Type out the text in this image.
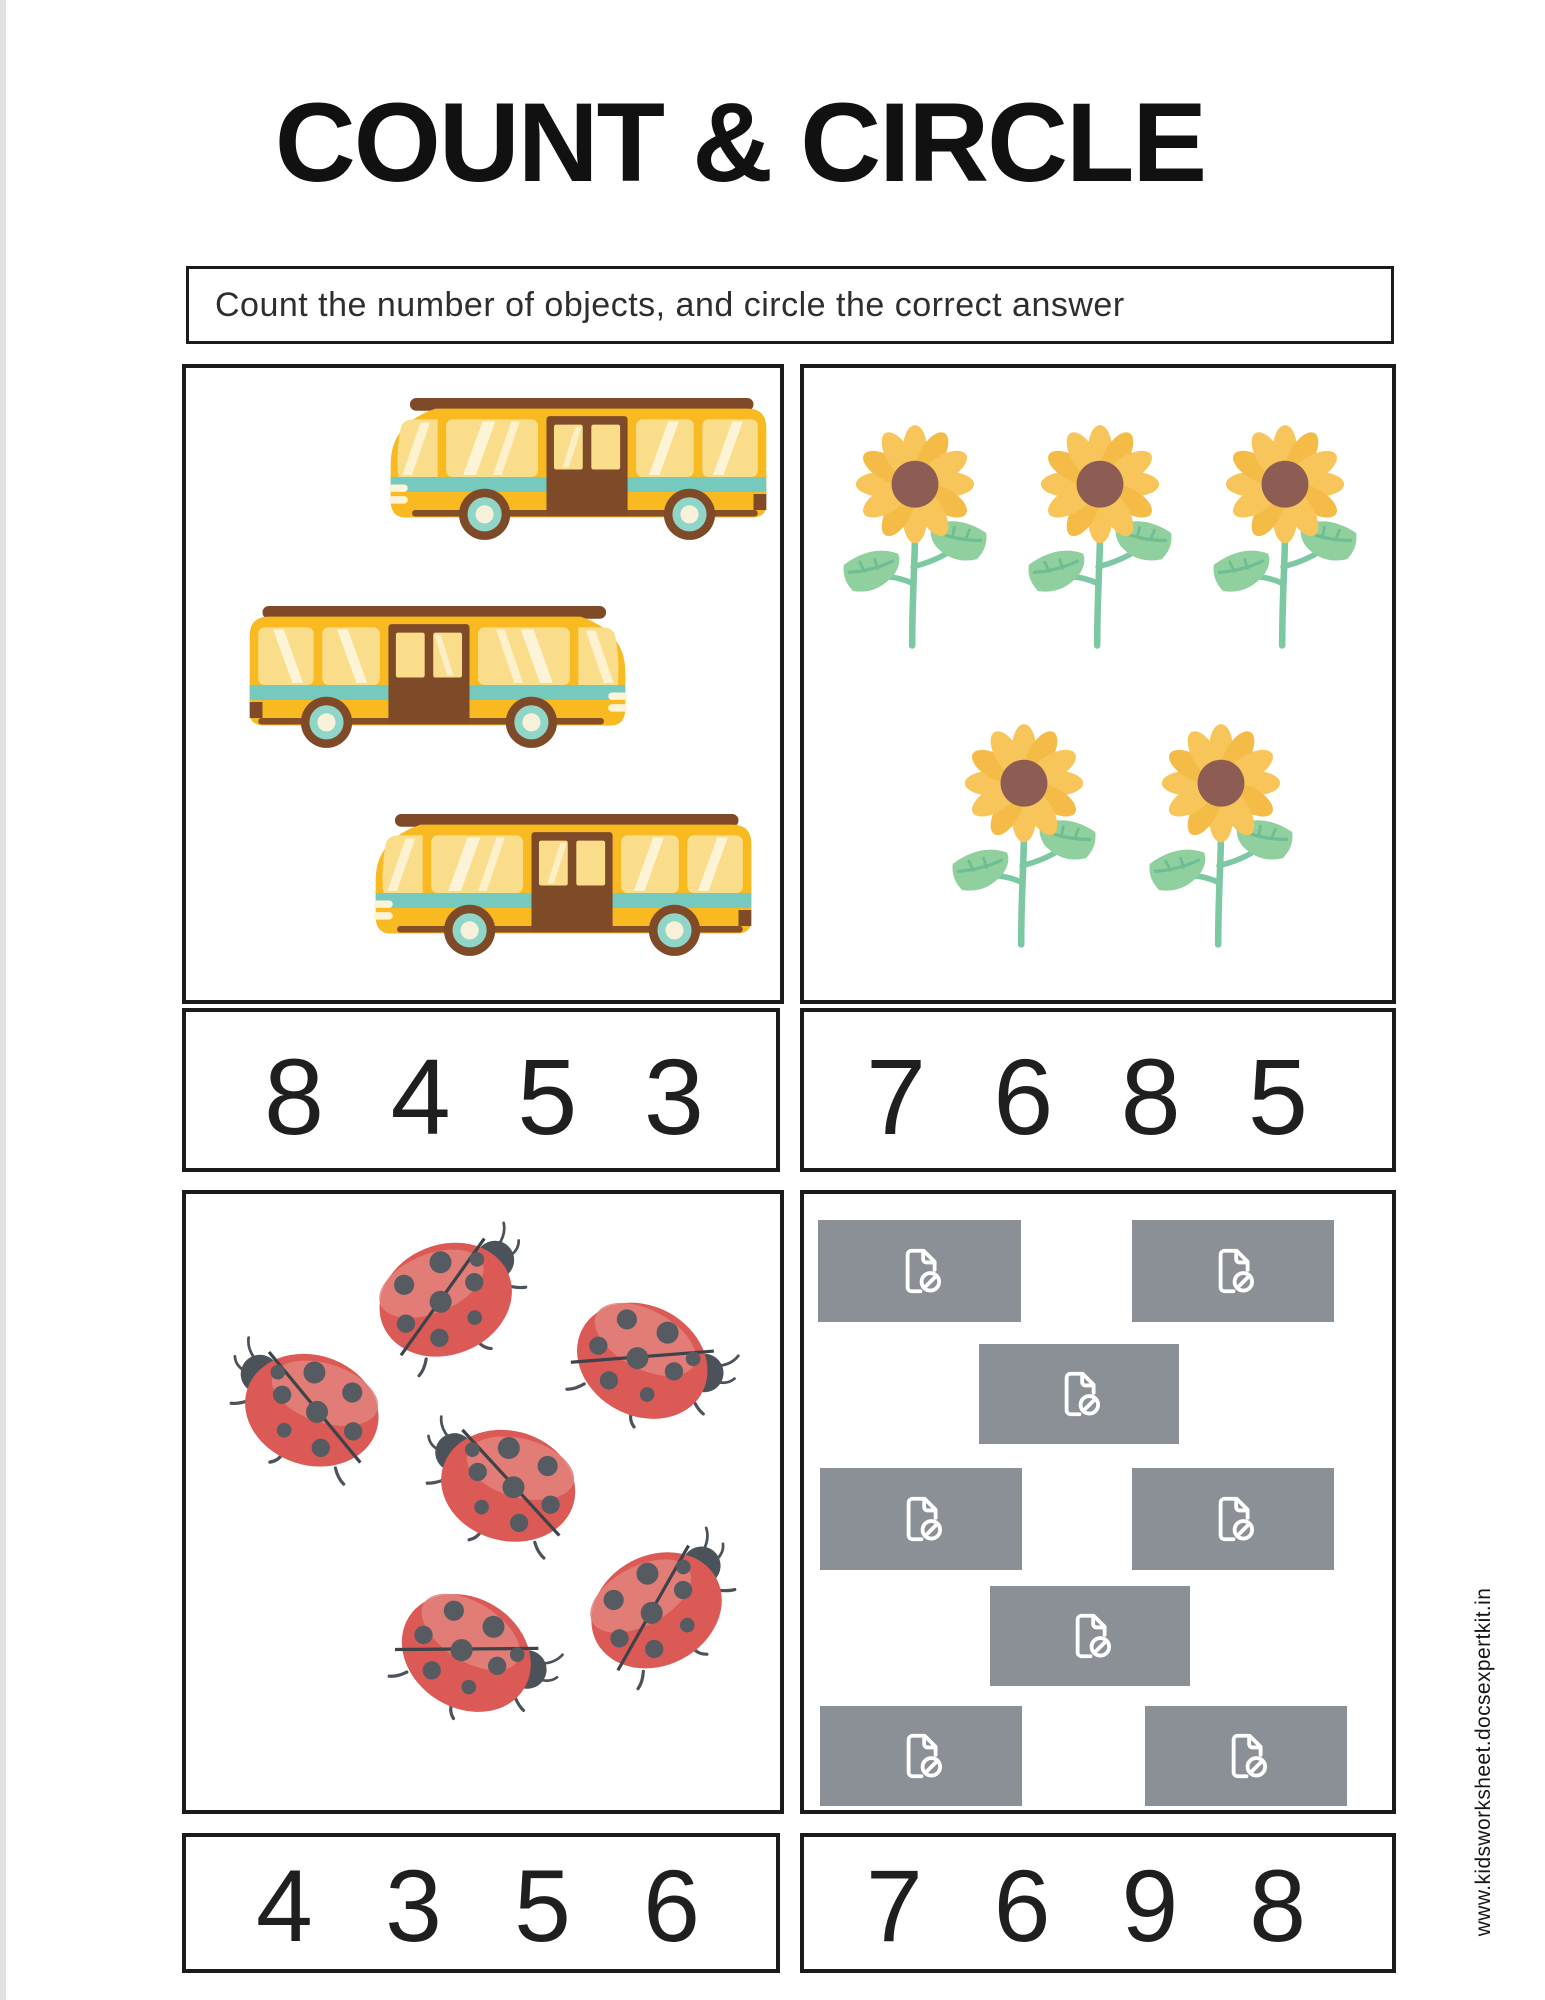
COUNT & CIRCLE
Count the number of objects, and circle the correct answer
8 4 5 3 7 6 8 5
4 3 5 6 7 6 9 8	www.kidsworksheet.docsexpertkit.in
